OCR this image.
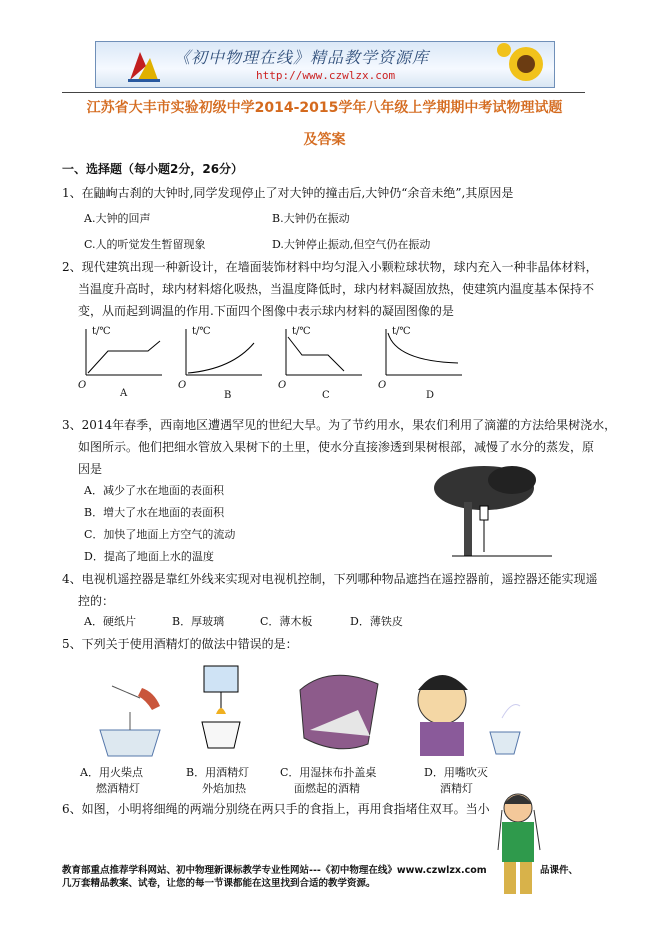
《初中物理在线》精品教学资源库
http://www.czwlzx.com
江苏省大丰市实验初级中学2014-2015学年八年级上学期期中考试物理试题
及答案
一、选择题（每小题2分，26分）
1、在鼬峋古刹的大钟时,同学发现停止了对大钟的撞击后,大钟仍“余音未绝”,其原因是
A.大钟的回声	B.大钟仍在振动
C.人的听觉发生暂留现象	D.大钟停止振动,但空气仍在振动
2、现代建筑出现一种新设计，在墙面装饰材料中均匀混入小颗粒球状物，球内充入一种非晶体材料，
当温度升高时，球内材料熔化吸热，当温度降低时，球内材料凝固放热，使建筑内温度基本保持不
变，从而起到调温的作用.下面四个图像中表示球内材料的凝固图像的是
t/℃
O
A
t/℃
O
B
t/℃
O
C
t/℃
O
D
3、2014年春季，西南地区遭遇罕见的世纪大旱。为了节约用水，果农们利用了滴灌的方法给果树浇水，
如图所示。他们把细水管放入果树下的土里，使水分直接渗透到果树根部，减慢了水分的蒸发，原
因是
A．减少了水在地面的表面积
B．增大了水在地面的表面积
C．加快了地面上方空气的流动
D．提高了地面上水的温度
4、电视机遥控器是靠红外线来实现对电视机控制，下列哪种物品遮挡在遥控器前，遥控器还能实现遥
控的：
A．硬纸片	B．厚玻璃	C．薄木板	D．薄铁皮
5、下列关于使用酒精灯的做法中错误的是：
A．用火柴点
燃酒精灯
B．用酒精灯
外焰加热
C．用湿抹布扑盖桌
面燃起的酒精
D．用嘴吹灭
酒精灯
6、如图，小明将细绳的两端分别绕在两只手的食指上，再用食指堵住双耳。当小
教育部重点推荐学科网站、初中物理新课标教学专业性网站---《初中物理在线》www.czwlzx.com
几万套精品教案、试卷，让您的每一节课都能在这里找到合适的教学资源。
品课件、
